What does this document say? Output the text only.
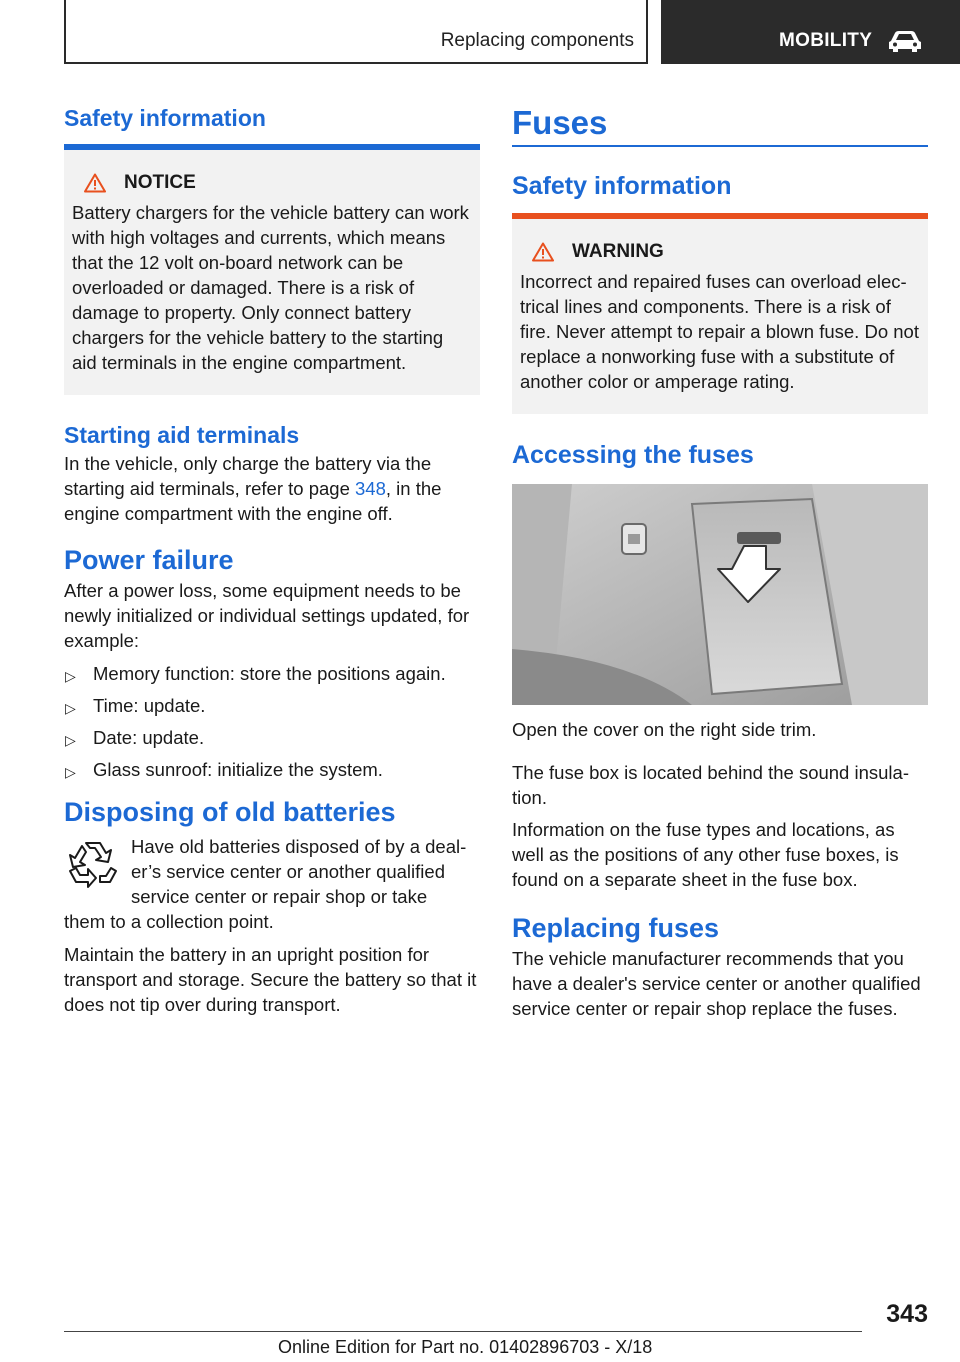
Replacing components	MOBILITY
Safety information
NOTICE

Battery chargers for the vehicle battery can work with high voltages and currents, which means that the 12 volt on-board network can be overloaded or damaged. There is a risk of damage to property. Only connect battery chargers for the vehicle battery to the starting aid terminals in the engine compartment.

Starting aid terminals

In the vehicle, only charge the battery via the starting aid terminals, refer to page 348, in the engine compartment with the engine off.

Power failure

After a power loss, some equipment needs to be newly initialized or individual settings updated, for example:

▷ Memory function: store the positions again.
▷ Time: update.
▷ Date: update.
▷ Glass sunroof: initialize the system.
Disposing of old batteries

Have old batteries disposed of by a deal-

er’s service center or another qualified

service center or repair shop or take

them to a collection point.

Maintain the battery in an upright position for transport and storage. Secure the battery so that it does not tip over during transport.

Fuses
Safety information
WARNING

Incorrect and repaired fuses can overload electrical lines and components. There is a risk of fire. Never attempt to repair a blown fuse. Do not replace a nonworking fuse with a substitute of another color or amperage rating.

Accessing the fuses

Open the cover on the right side trim.

The fuse box is located behind the sound insulation.

Information on the fuse types and locations, as well as the positions of any other fuse boxes, is found on a separate sheet in the fuse box.

Replacing fuses

The vehicle manufacturer recommends that you have a dealer's service center or another qualified service center or repair shop replace the fuses.

343
Online Edition for Part no. 01402896703 - X/18
